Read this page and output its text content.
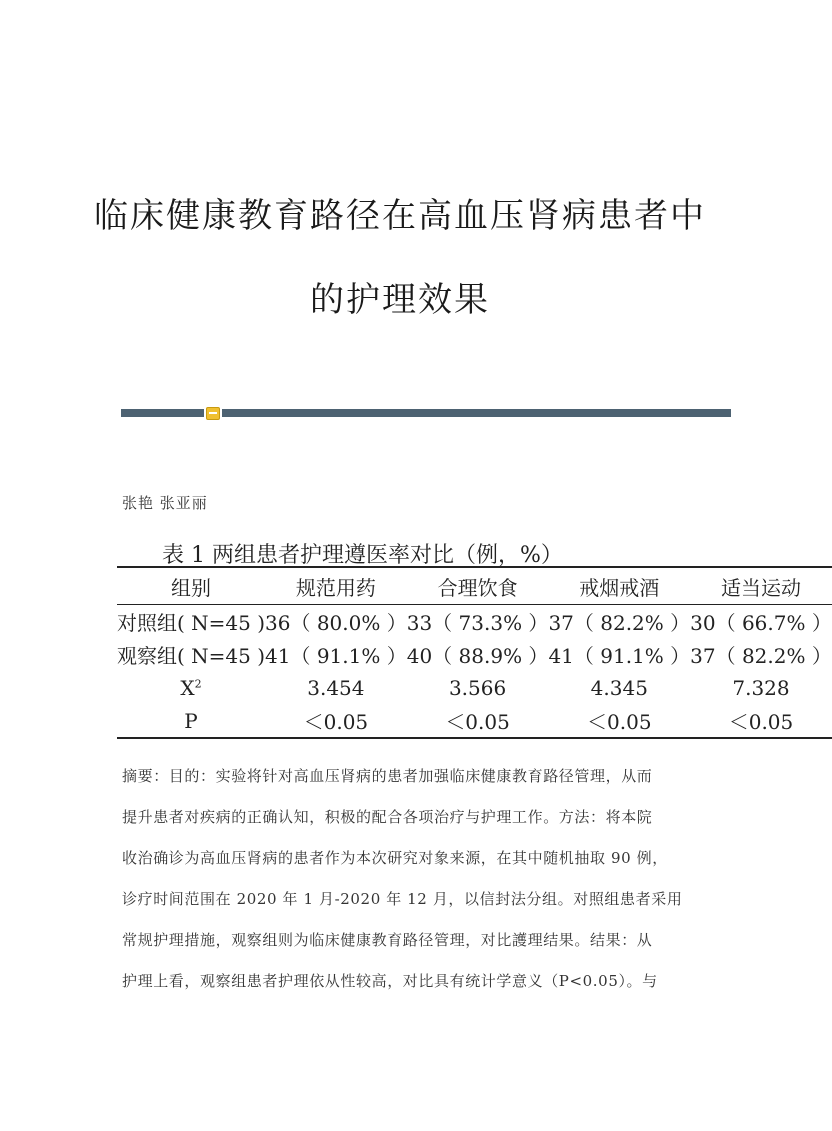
临床健康教育路径在高血压肾病患者中
的护理效果
张艳 张亚丽
表 1 两组患者护理遵医率对比（例，%）
组别	规范用药	合理饮食	戒烟戒酒	适当运动
对照组( N=45 )	36（ 80.0% ）	33（ 73.3% ）	37（ 82.2% ）	30（ 66.7% ）
观察组( N=45 )	41（ 91.1% ）	40（ 88.9% ）	41（ 91.1% ）	37（ 82.2% ）
$X^2$	3.454	3.566	4.345	7.328
P	＜0.05	＜0.05	＜0.05	＜0.05
摘要：目的：实验将针对高血压肾病的患者加强临床健康教育路径管理，从而
提升患者对疾病的正确认知，积极的配合各项治疗与护理工作。方法：将本院
收治确诊为高血压肾病的患者作为本次研究对象来源，在其中随机抽取 90 例，
诊疗时间范围在 2020 年 1 月-2020 年 12 月，以信封法分组。对照组患者采用
常规护理措施，观察组则为临床健康教育路径管理，对比護理结果。结果：从
护理上看，观察组患者护理依从性较高，对比具有统计学意义（P<0.05）。与
